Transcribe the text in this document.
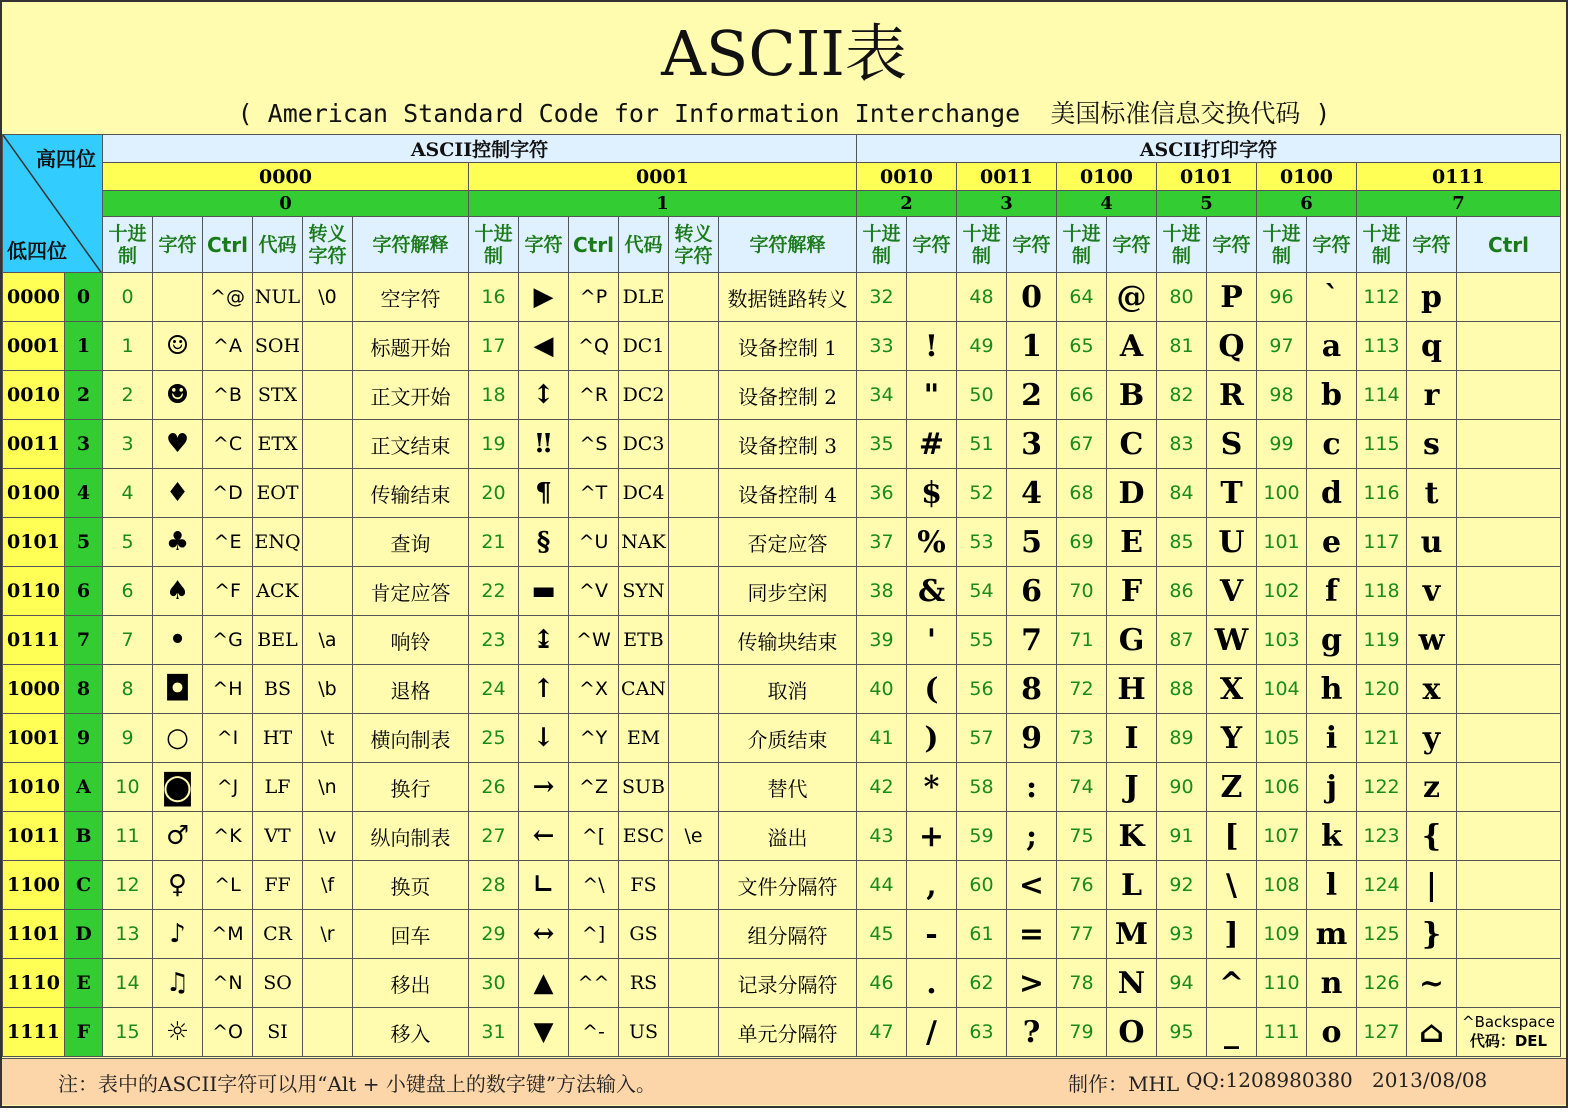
ASCII表
( American Standard Code for Information Interchange  美国标准信息交换代码 )
高四位
低四位		ASCII控制字符												ASCII打印字符												
		0000						0001						0010		0011		0100		0101		0100		0111		
		0						1						2		3		4		5		6		7		
		十进制	字符	Ctrl	代码	转义字符	字符解释	十进制	字符	Ctrl	代码	转义字符	字符解释	十进制	字符	十进制	字符	十进制	字符	十进制	字符	十进制	字符	十进制	字符	Ctrl
0000	0	0		^@	NUL	\0	空字符	16	▶	^P	DLE		数据链路转义	32		48	0	64	@	80	P	96	`	112	p	
0001	1	1	☺	^A	SOH		标题开始	17	◀	^Q	DC1		设备控制 1	33	!	49	1	65	A	81	Q	97	a	113	q	
0010	2	2	☻	^B	STX		正文开始	18	↕	^R	DC2		设备控制 2	34	"	50	2	66	B	82	R	98	b	114	r	
0011	3	3	♥	^C	ETX		正文结束	19	‼	^S	DC3		设备控制 3	35	#	51	3	67	C	83	S	99	c	115	s	
0100	4	4	♦	^D	EOT		传输结束	20	¶	^T	DC4		设备控制 4	36	$	52	4	68	D	84	T	100	d	116	t	
0101	5	5	♣	^E	ENQ		查询	21	§	^U	NAK		否定应答	37	%	53	5	69	E	85	U	101	e	117	u	
0110	6	6	♠	^F	ACK		肯定应答	22	▬	^V	SYN		同步空闲	38	&	54	6	70	F	86	V	102	f	118	v	
0111	7	7	•	^G	BEL	\a	响铃	23	↨	^W	ETB		传输块结束	39	'	55	7	71	G	87	W	103	g	119	w	
1000	8	8	◘	^H	BS	\b	退格	24	↑	^X	CAN		取消	40	(	56	8	72	H	88	X	104	h	120	x	
1001	9	9	○	^I	HT	\t	横向制表	25	↓	^Y	EM		介质结束	41	)	57	9	73	I	89	Y	105	i	121	y	
1010	A	10	◙	^J	LF	\n	换行	26	→	^Z	SUB		替代	42	*	58	:	74	J	90	Z	106	j	122	z	
1011	B	11	♂	^K	VT	\v	纵向制表	27	←	^[	ESC	\e	溢出	43	+	59	;	75	K	91	[	107	k	123	{	
1100	C	12	♀	^L	FF	\f	换页	28	∟	^\	FS		文件分隔符	44	,	60	<	76	L	92	\	108	l	124	|	
1101	D	13	♪	^M	CR	\r	回车	29	↔	^]	GS		组分隔符	45	-	61	=	77	M	93	]	109	m	125	}	
1110	E	14	♫	^N	SO		移出	30	▲	^^	RS		记录分隔符	46	.	62	>	78	N	94	^	110	n	126	~	
1111	F	15	☼	^O	SI		移入	31	▼	^-	US		单元分隔符	47	/	63	?	79	O	95	_	111	o	127	⌂	^Backspace
代码：DEL
注：表中的ASCII字符可以用“Alt + 小键盘上的数字键”方法输入。	制作：MHL QQ:1208980380 2013/08/08
